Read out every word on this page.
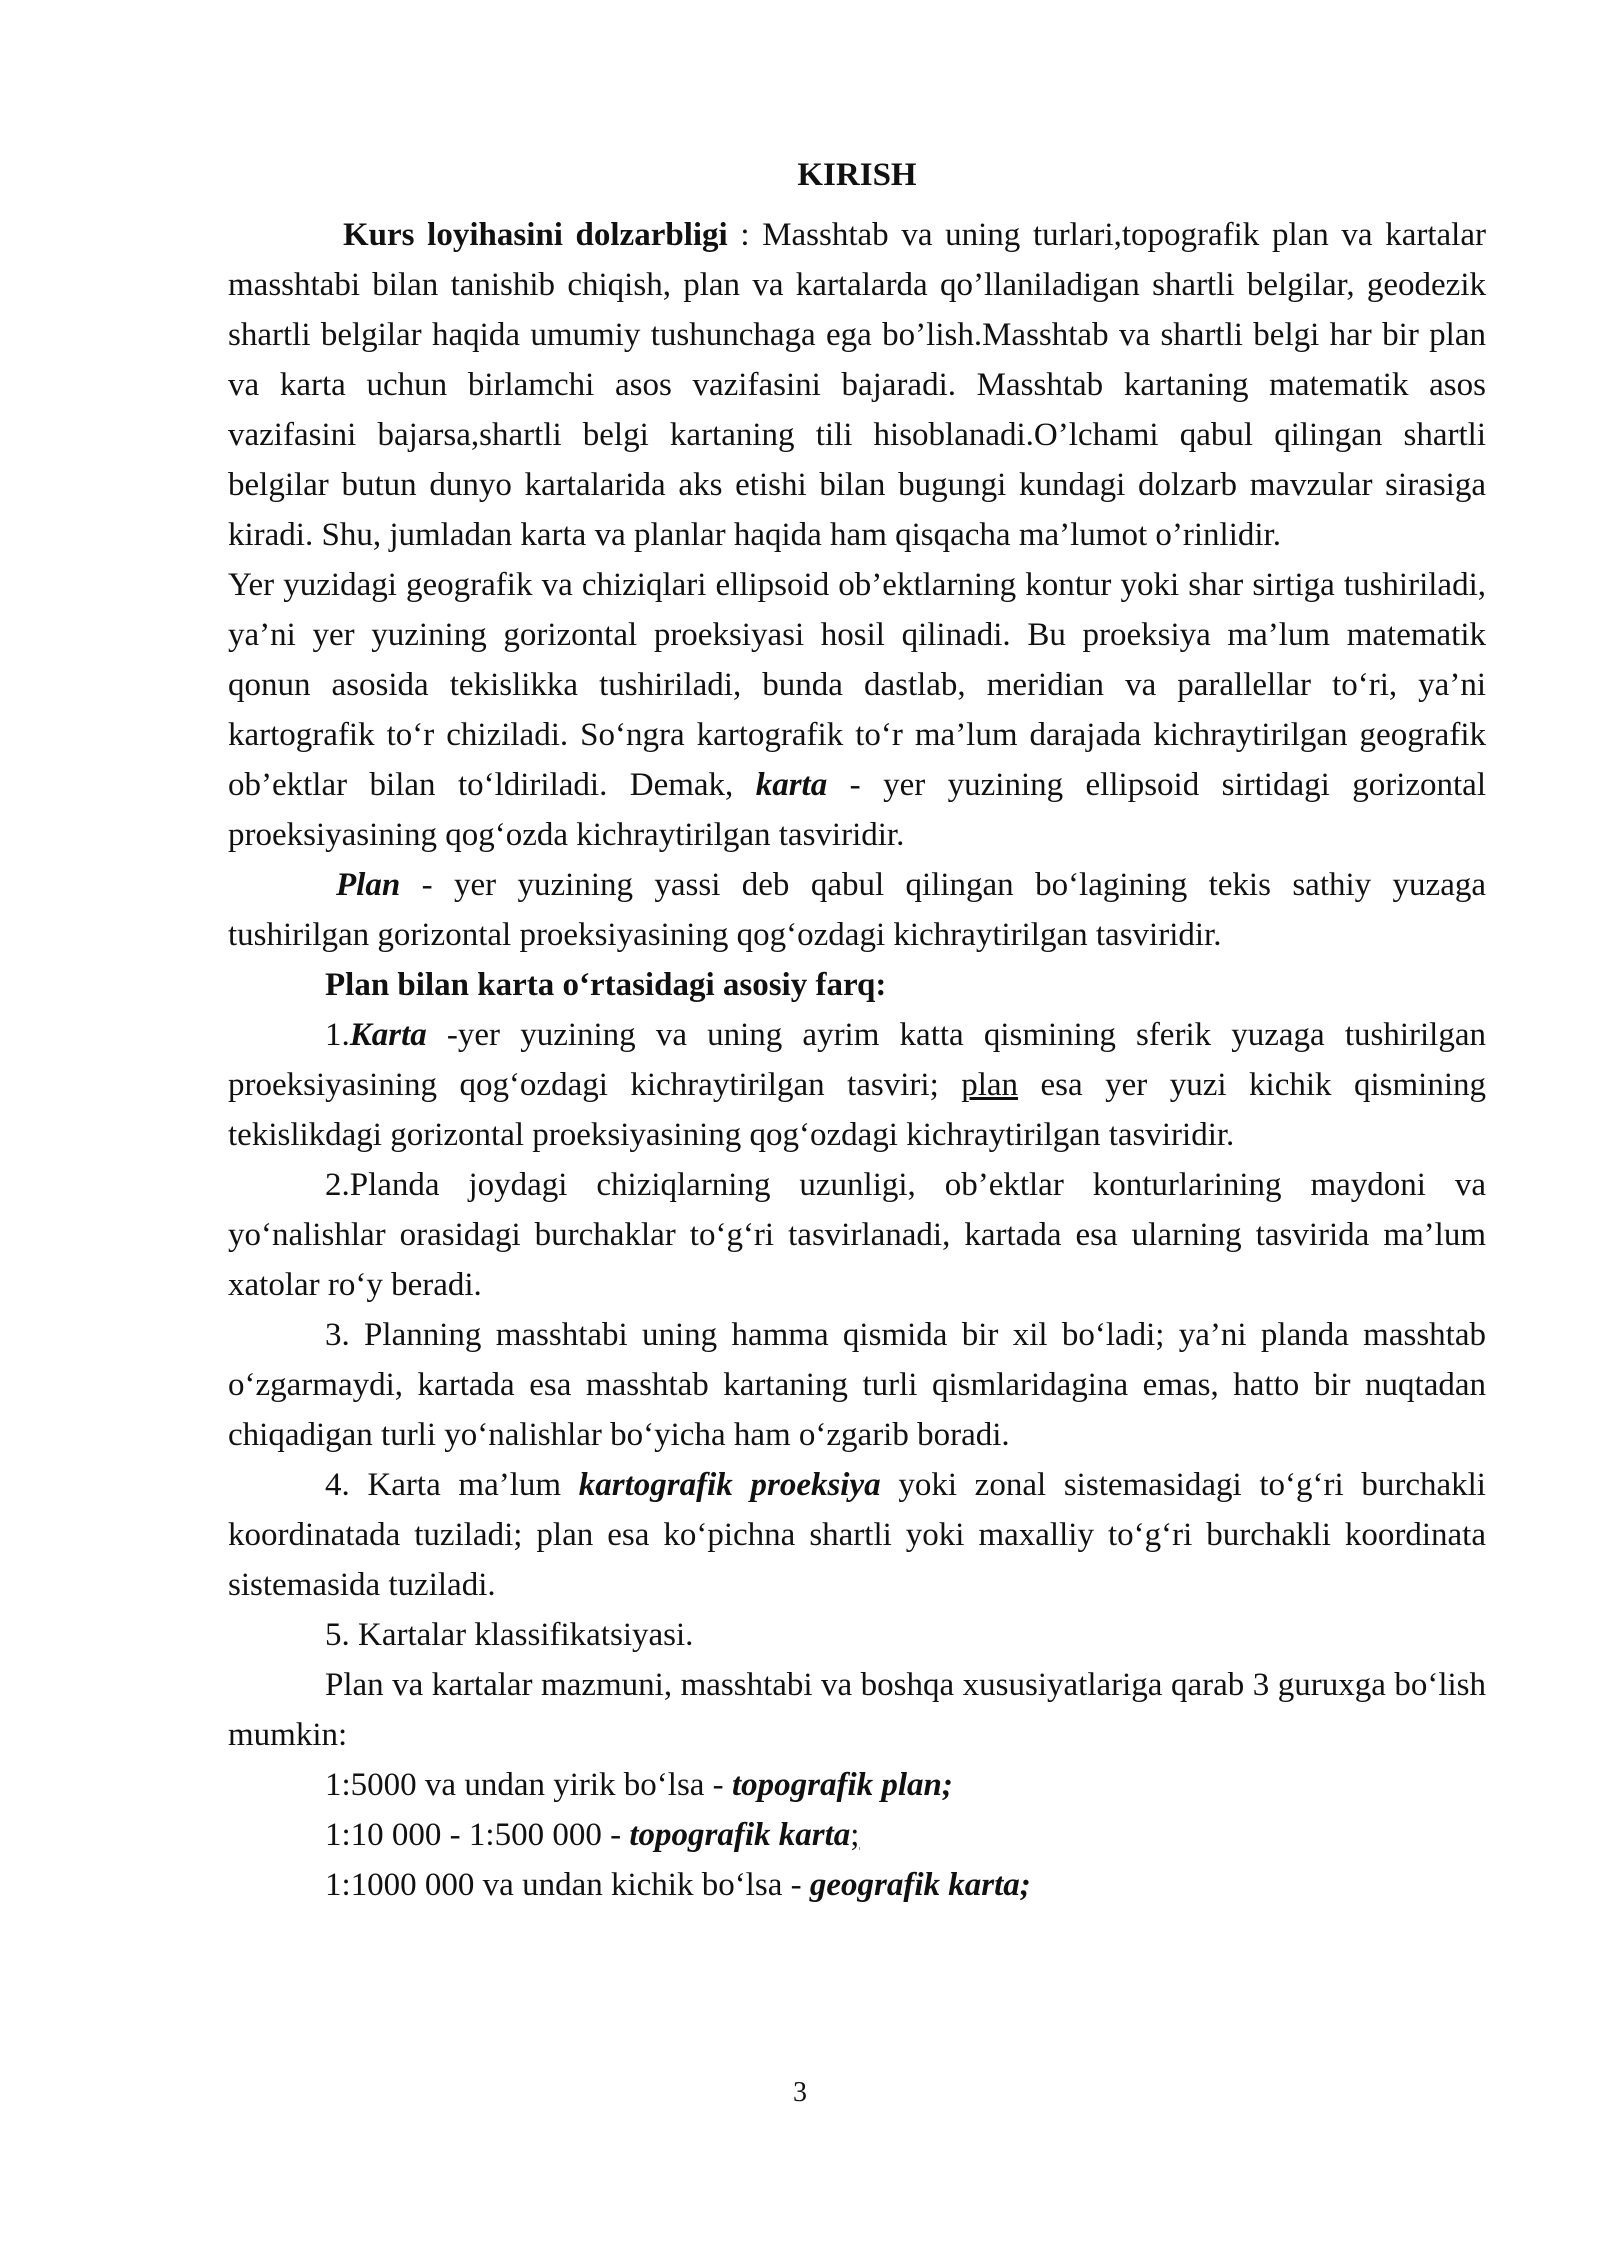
KIRISH

Kurs loyihasini dolzarbligi : Masshtab va uning turlari,topografik plan va kartalar masshtabi bilan tanishib chiqish, plan va kartalarda qo’llaniladigan shartli belgilar, geodezik shartli belgilar haqida umumiy tushunchaga ega bo’lish.Masshtab va shartli belgi har bir plan va karta uchun birlamchi asos vazifasini bajaradi. Masshtab kartaning matematik asos vazifasini bajarsa,shartli belgi kartaning tili hisoblanadi.O’lchami qabul qilingan shartli belgilar butun dunyo kartalarida aks etishi bilan bugungi kundagi dolzarb mavzular sirasiga kiradi. Shu, jumladan karta va planlar haqida ham qisqacha ma’lumot o’rinlidir.

Yer yuzidagi geografik va chiziqlari ellipsoid ob’ektlarning kontur yoki shar sirtiga tushiriladi, ya’ni yer yuzining gorizontal proeksiyasi hosil qilinadi. Bu proeksiya ma’lum matematik qonun asosida tekislikka tushiriladi, bunda dastlab, meridian va parallellar to‘ri, ya’ni kartografik to‘r chiziladi. So‘ngra kartografik to‘r ma’lum darajada kichraytirilgan geografik ob’ektlar bilan to‘ldiriladi. Demak, karta - yer yuzining ellipsoid sirtidagi gorizontal proeksiyasining qog‘ozda kichraytirilgan tasviridir.

Plan - yer yuzining yassi deb qabul qilingan bo‘lagining tekis sathiy yuzaga tushirilgan gorizontal proeksiyasining qog‘ozdagi kichraytirilgan tasviridir.

Plan bilan karta o‘rtasidagi asosiy farq:

1.Karta -yer yuzining va uning ayrim katta qismining sferik yuzaga tushirilgan proeksiyasining qog‘ozdagi kichraytirilgan tasviri; plan esa yer yuzi kichik qismining tekislikdagi gorizontal proeksiyasining qog‘ozdagi kichraytirilgan tasviridir.

2.Planda joydagi chiziqlarning uzunligi, ob’ektlar konturlarining maydoni va yo‘nalishlar orasidagi burchaklar to‘g‘ri tasvirlanadi, kartada esa ularning tasvirida ma’lum xatolar ro‘y beradi.

3. Planning masshtabi uning hamma qismida bir xil bo‘ladi; ya’ni planda masshtab o‘zgarmaydi, kartada esa masshtab kartaning turli qismlaridagina emas, hatto bir nuqtadan chiqadigan turli yo‘nalishlar bo‘yicha ham o‘zgarib boradi.

4. Karta ma’lum kartografik proeksiya yoki zonal sistemasidagi to‘g‘ri burchakli koordinatada tuziladi; plan esa ko‘pichna shartli yoki maxalliy to‘g‘ri burchakli koordinata sistemasida tuziladi.

5. Kartalar klassifikatsiyasi.

Plan va kartalar mazmuni, masshtabi va boshqa xususiyatlariga qarab 3 guruxga bo‘lish mumkin:

1:5000 va undan yirik bo‘lsa - topografik plan;

1:10 000 - 1:500 000 - topografik karta;

1:1000 000 va undan kichik bo‘lsa - geografik karta;

3
